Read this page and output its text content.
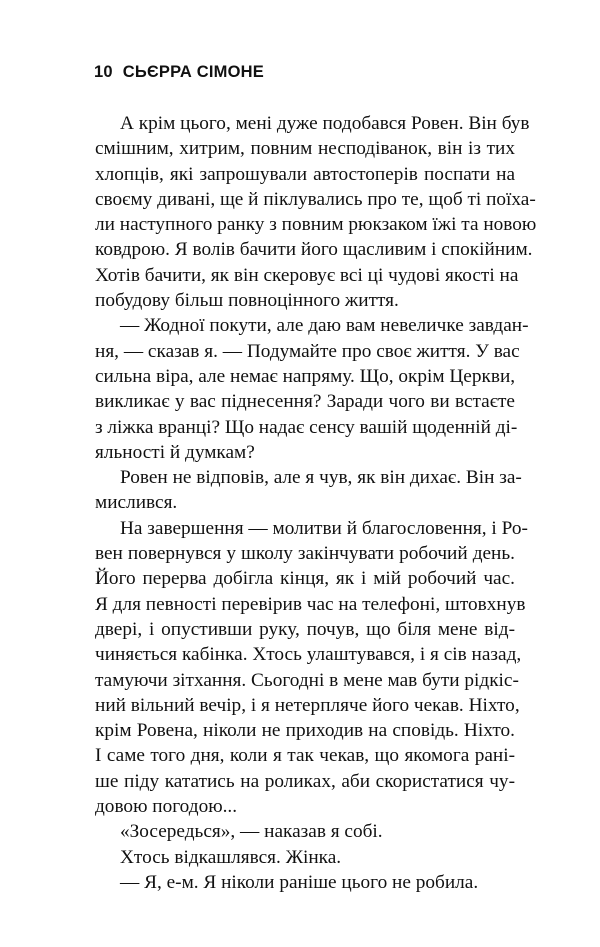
10 СЬЄРРА СІМОНЕ
А крім цього, мені дуже подобався Ровен. Він був
смішним, хитрим, повним несподіванок, він із тих
хлопців, які запрошували автостоперів поспати на
своєму дивані, ще й піклувались про те, щоб ті поїха-
ли наступного ранку з повним рюкзаком їжі та новою
ковдрою. Я волів бачити його щасливим і спокійним.
Хотів бачити, як він скеровує всі ці чудові якості на
побудову більш повноцінного життя.
— Жодної покути, але даю вам невеличке завдан-
ня, — сказав я. — Подумайте про своє життя. У вас
сильна віра, але немає напряму. Що, окрім Церкви,
викликає у вас піднесення? Заради чого ви встаєте
з ліжка вранці? Що надає сенсу вашій щоденній ді-
яльності й думкам?
Ровен не відповів, але я чув, як він дихає. Він за-
мислився.
На завершення — молитви й благословення, і Ро-
вен повернувся у школу закінчувати робочий день.
Його перерва добігла кінця, як і мій робочий час.
Я для певності перевірив час на телефоні, штовхнув
двері, і опустивши руку, почув, що біля мене від-
чиняється кабінка. Хтось улаштувався, і я сів назад,
тамуючи зітхання. Сьогодні в мене мав бути рідкіс-
ний вільний вечір, і я нетерпляче його чекав. Ніхто,
крім Ровена, ніколи не приходив на сповідь. Ніхто.
І саме того дня, коли я так чекав, що якомога рані-
ше піду кататись на роликах, аби скористатися чу-
довою погодою...
«Зосередься», — наказав я собі.
Хтось відкашлявся. Жінка.
— Я, е-м. Я ніколи раніше цього не робила.
